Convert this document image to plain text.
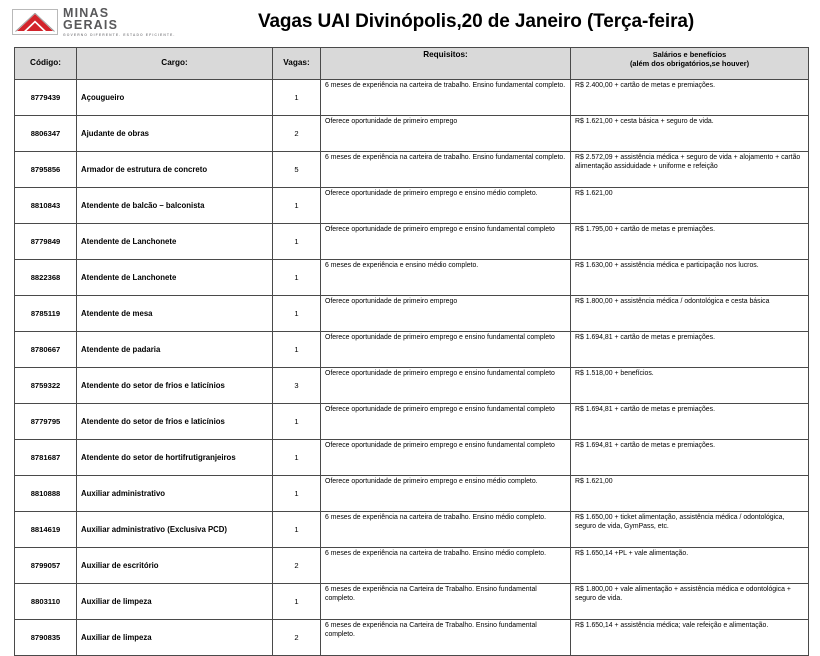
MINAS
GERAIS
GOVERNO DIFERENTE. ESTADO EFICIENTE.
Vagas UAI Divinópolis,20 de Janeiro (Terça-feira)
Código:	Cargo:	Vagas:	Requisitos:	Salários e benefícios
(além dos obrigatórios,se houver)

8779439	Açougueiro	1	6 meses de experiência na carteira de trabalho. Ensino fundamental completo.	R$ 2.400,00 + cartão de metas e premiações.
8806347	Ajudante de obras	2	Oferece oportunidade de primeiro emprego	R$ 1.621,00 + cesta básica + seguro de vida.
8795856	Armador de estrutura de concreto	5	6 meses de experiência na carteira de trabalho. Ensino fundamental completo.	R$ 2.572,09 + assistência médica + seguro de vida + alojamento + cartão alimentação assiduidade + uniforme e refeição
8810843	Atendente de balcão – balconista	1	Oferece oportunidade de primeiro emprego e ensino médio completo.	R$ 1.621,00
8779849	Atendente de Lanchonete	1	Oferece oportunidade de primeiro emprego e ensino fundamental completo	R$ 1.795,00 + cartão de metas e premiações.
8822368	Atendente de Lanchonete	1	6 meses de experiência e ensino médio completo.	R$ 1.630,00 + assistência médica e participação nos lucros.
8785119	Atendente de mesa	1	Oferece oportunidade de primeiro emprego	R$ 1.800,00 + assistência médica / odontológica e cesta básica
8780667	Atendente de padaria	1	Oferece oportunidade de primeiro emprego e ensino fundamental completo	R$ 1.694,81 + cartão de metas e premiações.
8759322	Atendente do setor de frios e laticínios	3	Oferece oportunidade de primeiro emprego e ensino fundamental completo	R$ 1.518,00 + benefícios.
8779795	Atendente do setor de frios e laticínios	1	Oferece oportunidade de primeiro emprego e ensino fundamental completo	R$ 1.694,81 + cartão de metas e premiações.
8781687	Atendente do setor de hortifrutigranjeiros	1	Oferece oportunidade de primeiro emprego e ensino fundamental completo	R$ 1.694,81 + cartão de metas e premiações.
8810888	Auxiliar administrativo	1	Oferece oportunidade de primeiro emprego e ensino médio completo.	R$ 1.621,00
8814619	Auxiliar administrativo (Exclusiva PCD)	1	6 meses de experiência na carteira de trabalho. Ensino médio completo.	R$ 1.650,00 + ticket alimentação, assistência médica / odontológica, seguro de vida, GymPass, etc.
8799057	Auxiliar de escritório	2	6 meses de experiência na carteira de trabalho. Ensino médio completo.	R$ 1.650,14 +PL + vale alimentação.
8803110	Auxiliar de limpeza	1	6 meses de experiência na Carteira de Trabalho. Ensino fundamental completo.	R$ 1.800,00 + vale alimentação + assistência médica e odontológica + seguro de vida.
8790835	Auxiliar de limpeza	2	6 meses de experiência na Carteira de Trabalho. Ensino fundamental completo.	R$ 1.650,14 + assistência médica; vale refeição e alimentação.
